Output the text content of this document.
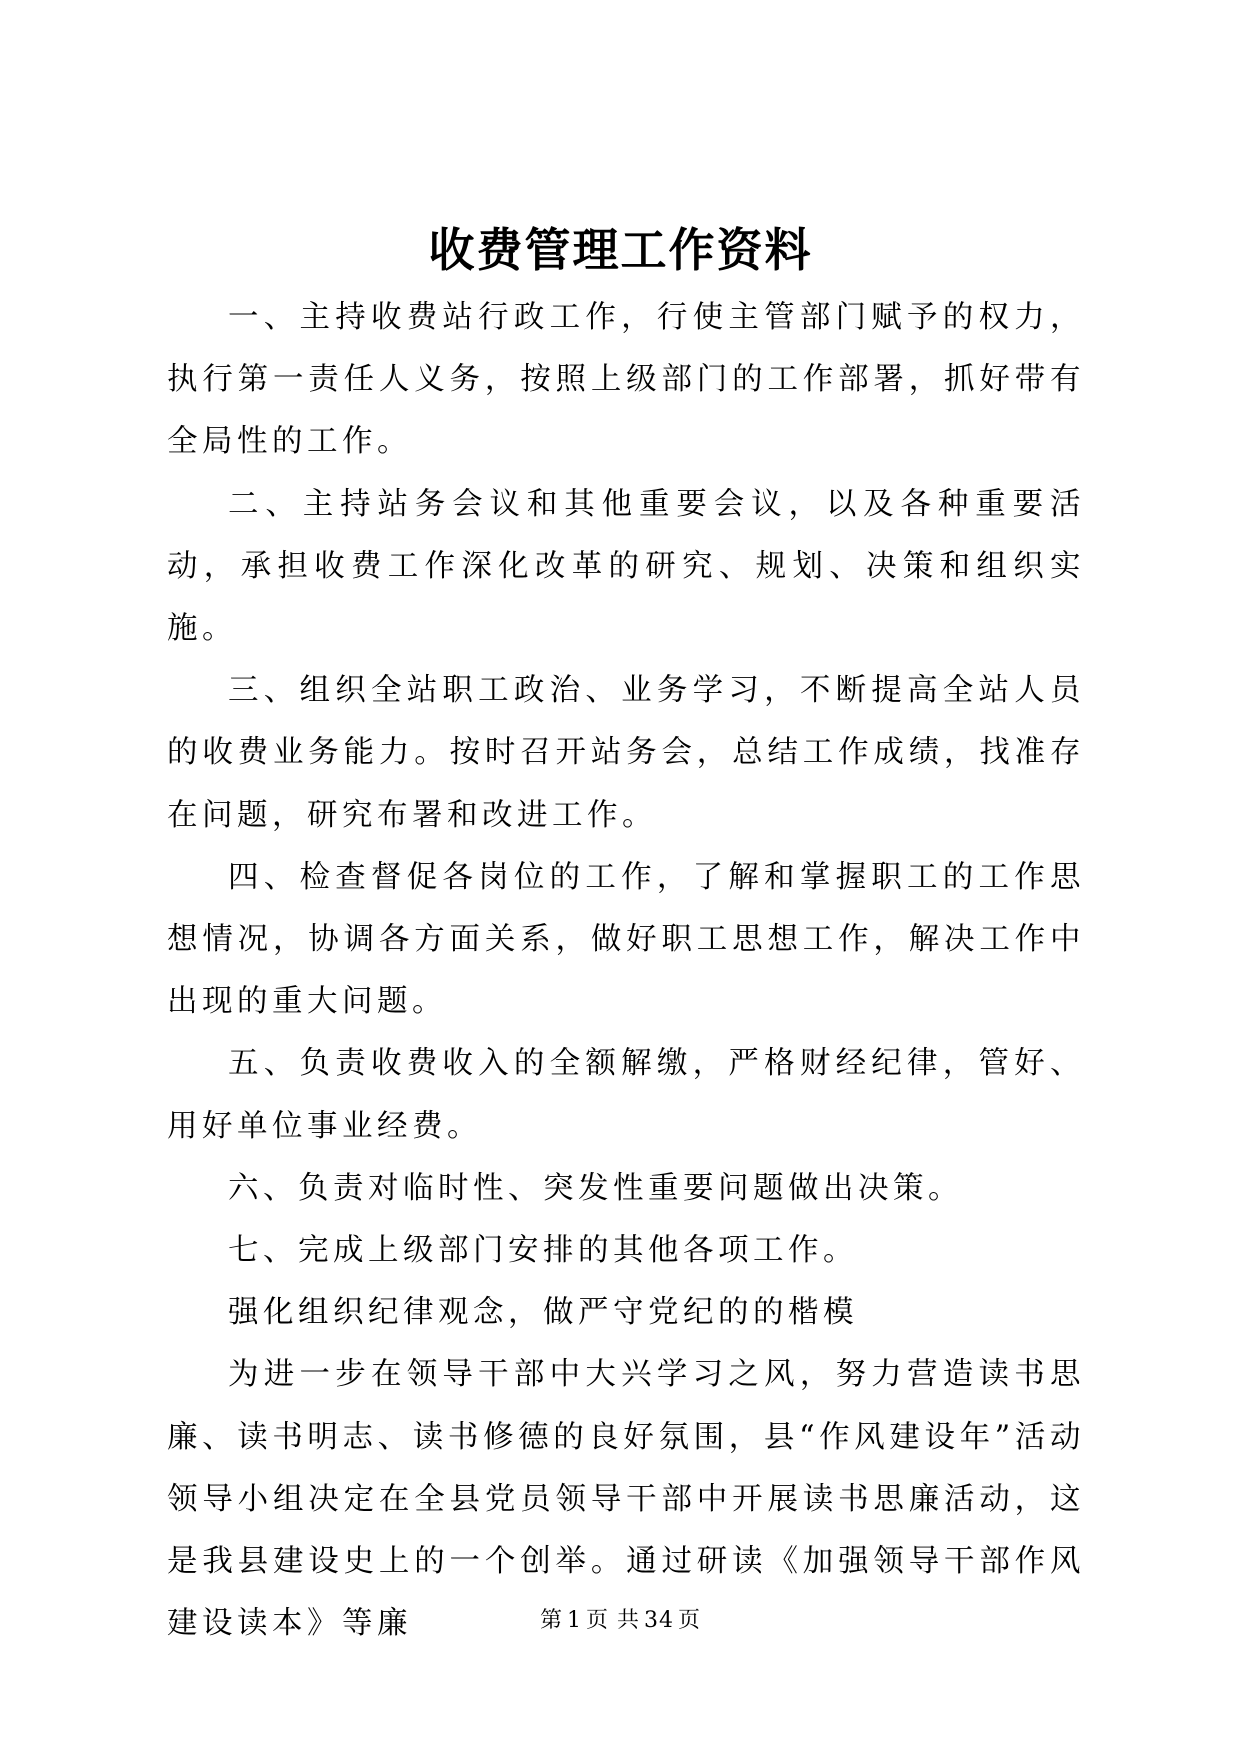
收费管理工作资料

一、主持收费站行政工作，行使主管部门赋予的权力，执行第一责任人义务，按照上级部门的工作部署，抓好带有全局性的工作。

二、主持站务会议和其他重要会议，以及各种重要活动，承担收费工作深化改革的研究、规划、决策和组织实施。

三、组织全站职工政治、业务学习，不断提高全站人员的收费业务能力。按时召开站务会，总结工作成绩，找准存在问题，研究布署和改进工作。

四、检查督促各岗位的工作，了解和掌握职工的工作思想情况，协调各方面关系，做好职工思想工作，解决工作中出现的重大问题。

五、负责收费收入的全额解缴，严格财经纪律，管好、用好单位事业经费。

六、负责对临时性、突发性重要问题做出决策。

七、完成上级部门安排的其他各项工作。

强化组织纪律观念，做严守党纪的的楷模

为进一步在领导干部中大兴学习之风，努力营造读书思廉、读书明志、读书修德的良好氛围，县“作风建设年”活动领导小组决定在全县党员领导干部中开展读书思廉活动，这是我县建设史上的一个创举。通过研读《加强领导干部作风建设读本》等廉	第 1 页 共 34 页
